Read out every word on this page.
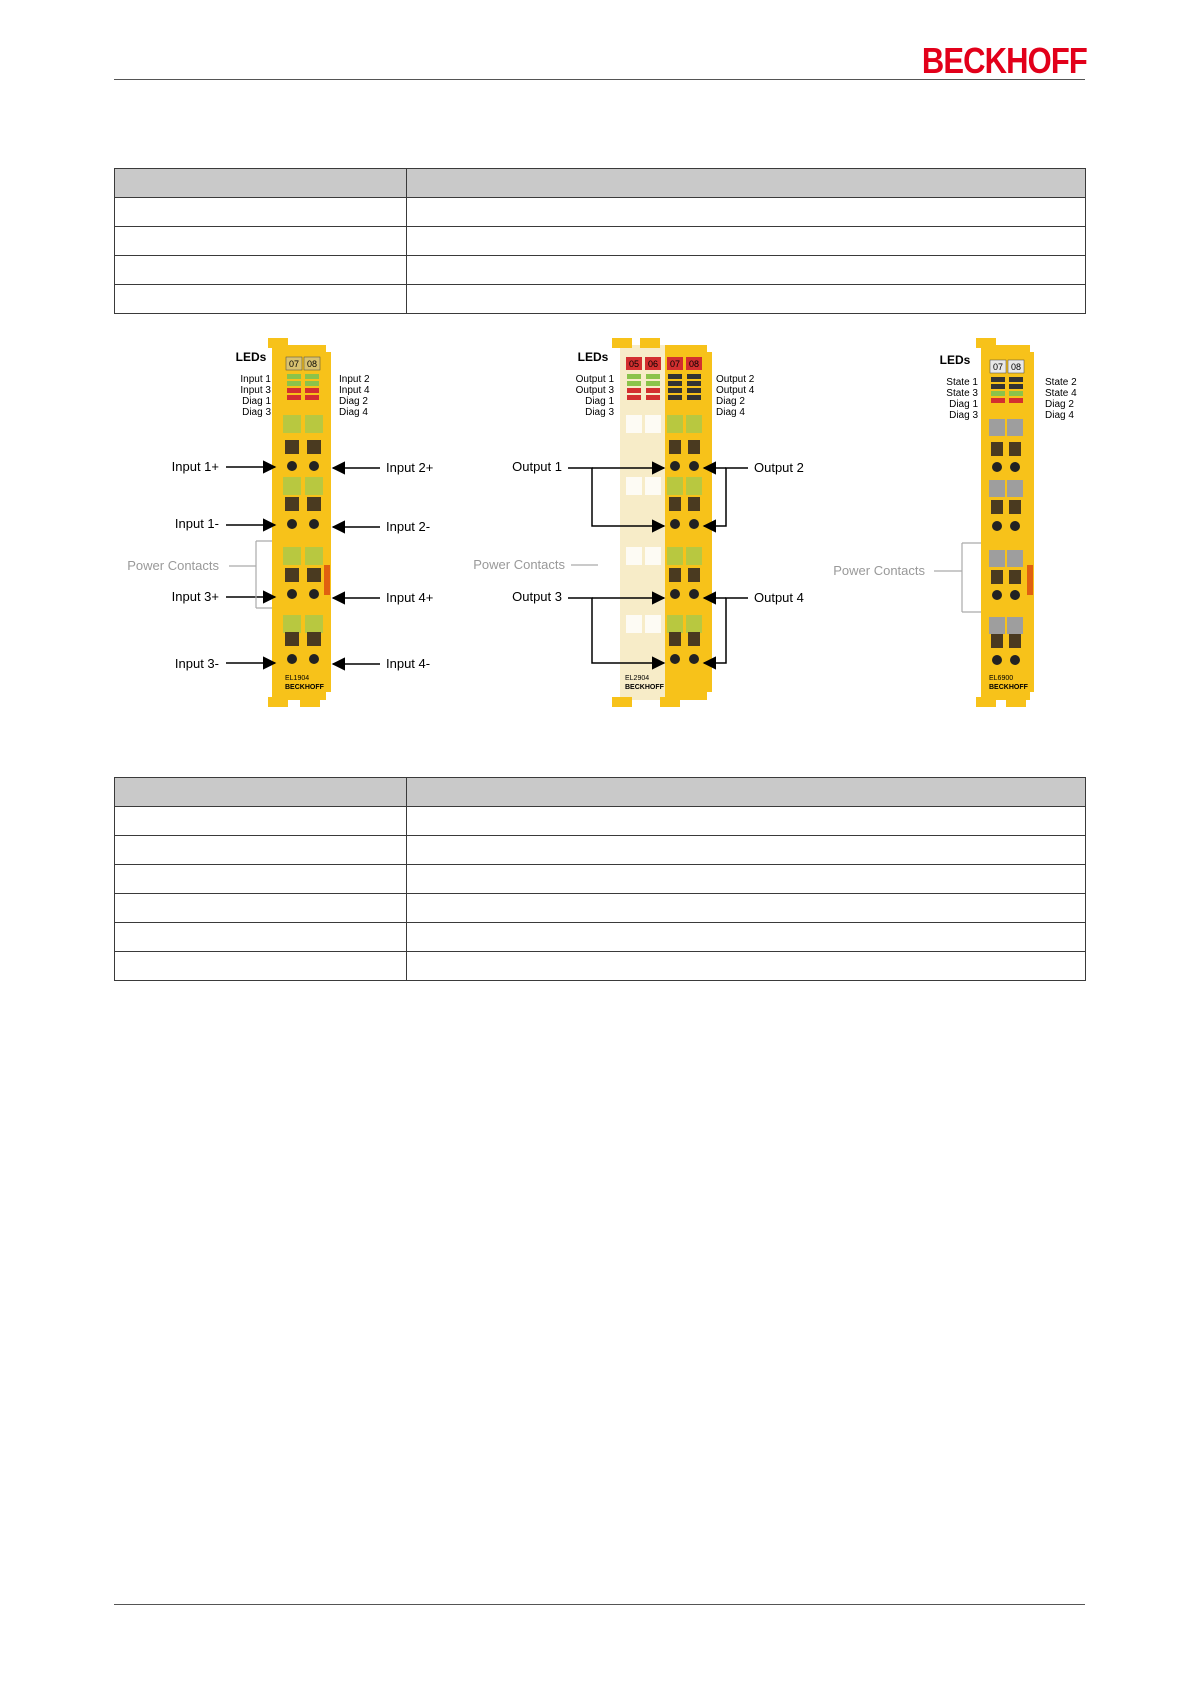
BECKHOFF

07 08
EL1904
BECKHOFF
LEDs
Input 1
Input 3
Diag 1
Diag 3
Input 2
Input 4
Diag 2
Diag 4
Input 1+
Input 1-
Input 3+
Input 3-
Input 2+
Input 2-
Input 4+
Input 4-
Power Contacts
05 06 07 08
EL2904
BECKHOFF
LEDs
Output 1
Output 3
Diag 1
Diag 3
Output 2
Output 4
Diag 2
Diag 4
Output 1
Output 3
Output 2
Output 4
Power Contacts
07 08
EL6900
BECKHOFF
LEDs
State 1
State 3
Diag 1
Diag 3
State 2
State 4
Diag 2
Diag 4
Power Contacts
